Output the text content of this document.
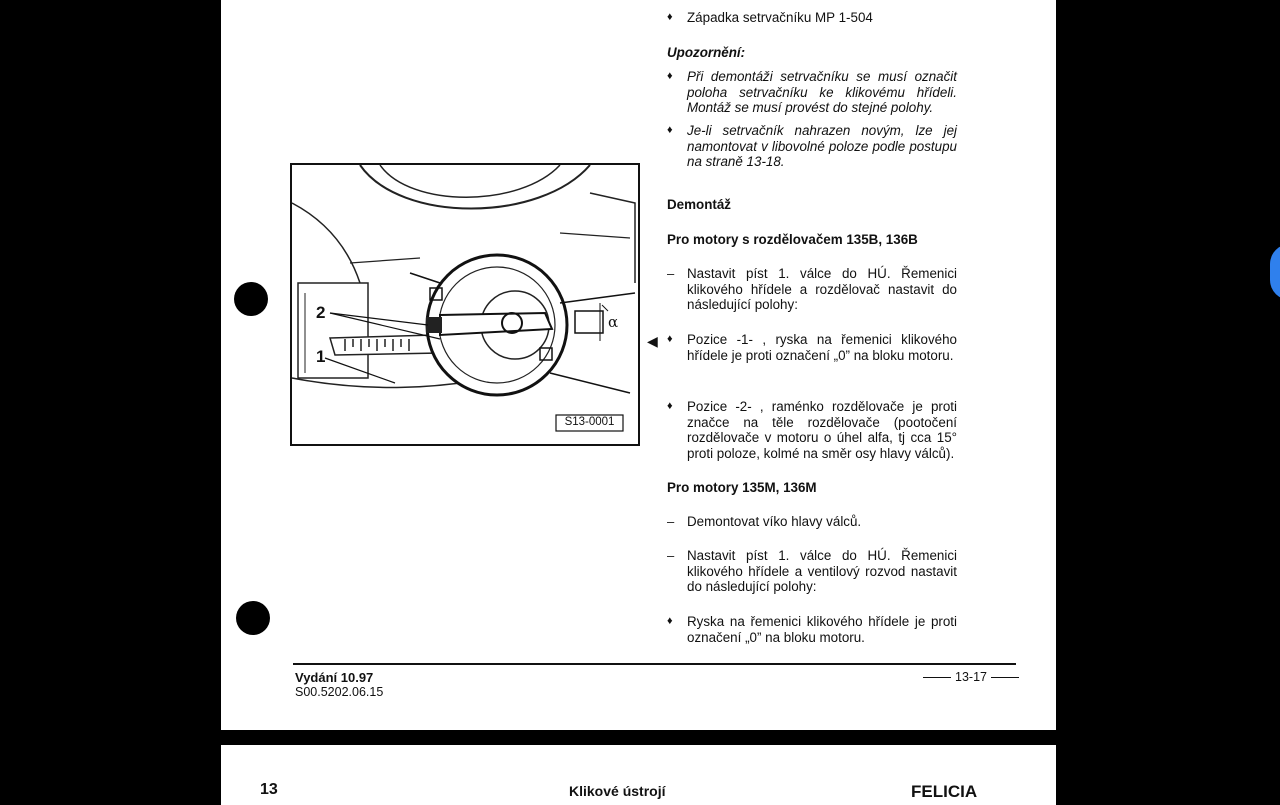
♦	Západka setrvačníku MP 1-504
Upozornění:
♦	Při demontáži setrvačníku se musí označit poloha setrvačníku ke klikovému hřídeli. Montáž se musí provést do stejné polohy.
♦	Je-li setrvačník nahrazen novým, lze jej namontovat v libovolné poloze podle postupu na straně 13-18.
Demontáž
Pro motory s rozdělovačem 135B, 136B
– Nastavit píst 1. válce do HÚ. Řemenici klikového hřídele a rozdělovač nastavit do následující polohy:
◀ ♦	Pozice -1- , ryska na řemenici klikového hřídele je proti označení „0” na bloku motoru.
♦	Pozice -2- , raménko rozdělovače je proti značce na těle rozdělovače (pootočení rozdělovače v motoru o úhel alfa, tj cca 15° proti poloze, kolmé na směr osy hlavy válců).
Pro motory 135M, 136M
– Demontovat víko hlavy válců.
– Nastavit píst 1. válce do HÚ. Řemenici klikového hřídele a ventilový rozvod nastavit do následující polohy:
♦	Ryska na řemenici klikového hřídele je proti označení „0” na bloku motoru.
2
1
α
S13-0001
Vydání 10.97
S00.5202.06.15
13-17
13	Klikové ústrojí	FELICIA
